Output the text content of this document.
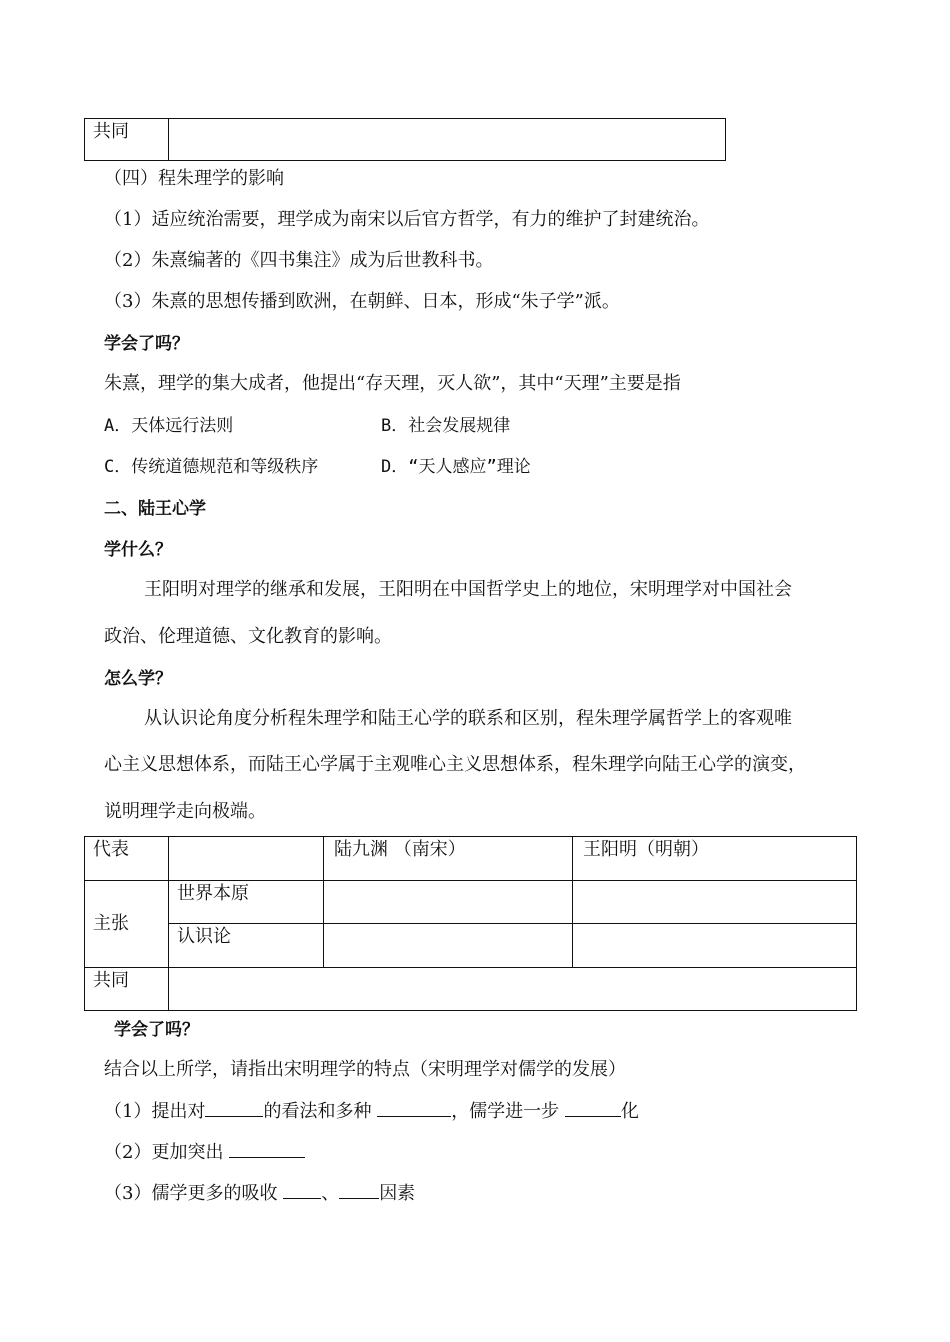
共同	
（四）程朱理学的影响
（1）适应统治需要，理学成为南宋以后官方哲学，有力的维护了封建统治。
（2）朱熹编著的《四书集注》成为后世教科书。
（3）朱熹的思想传播到欧洲，在朝鲜、日本，形成“朱子学”派。
学会了吗？
朱熹，理学的集大成者，他提出“存天理，灭人欲”，其中“天理”主要是指
A．天体远行法则	B．社会发展规律
C．传统道德规范和等级秩序	D．“天人感应”理论
二、陆王心学
学什么？
王阳明对理学的继承和发展，王阳明在中国哲学史上的地位，宋明理学对中国社会
政治、伦理道德、文化教育的影响。
怎么学？
从认识论角度分析程朱理学和陆王心学的联系和区别，程朱理学属哲学上的客观唯
心主义思想体系，而陆王心学属于主观唯心主义思想体系，程朱理学向陆王心学的演变，
说明理学走向极端。
代表		陆九渊 （南宋）	王阳明（明朝）
主张	世界本原		
	认识论		
共同			
学会了吗？
结合以上所学，请指出宋明理学的特点（宋明理学对儒学的发展）
（1）提出对	的看法和多种	，儒学进一步	化
（2）更加突出
（3）儒学更多的吸收 、 因素
